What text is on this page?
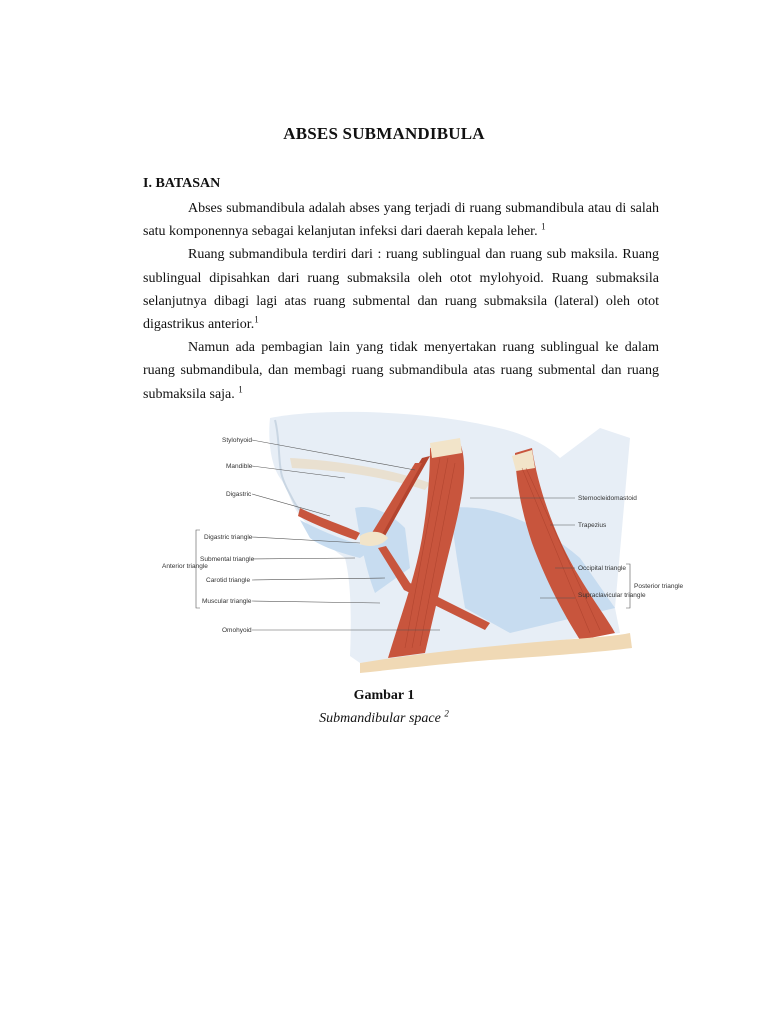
ABSES SUBMANDIBULA
I. BATASAN

Abses submandibula adalah abses yang terjadi di ruang submandibula atau di salah satu komponennya sebagai kelanjutan infeksi dari daerah kepala leher. $^1$

Ruang submandibula terdiri dari : ruang sublingual dan ruang sub maksila. Ruang sublingual dipisahkan dari ruang submaksila oleh otot mylohyoid. Ruang submaksila selanjutnya dibagi lagi atas ruang submental dan ruang submaksila (lateral) oleh otot digastrikus anterior.$^1$

Namun ada pembagian lain yang tidak menyertakan ruang sublingual ke dalam ruang submandibula, dan membagi ruang submandibula atas ruang submental dan ruang submaksila saja. $^1$

Stylohyoid
Mandible
Digastric
Digastric triangle
Submental triangle
Carotid triangle
Muscular triangle
Omohyoid
Anterior triangle
Sternocleidomastoid
Trapezius
Occipital triangle
Supraclavicular triangle
Posterior triangle
Gambar 1
Submandibular space $^2$
